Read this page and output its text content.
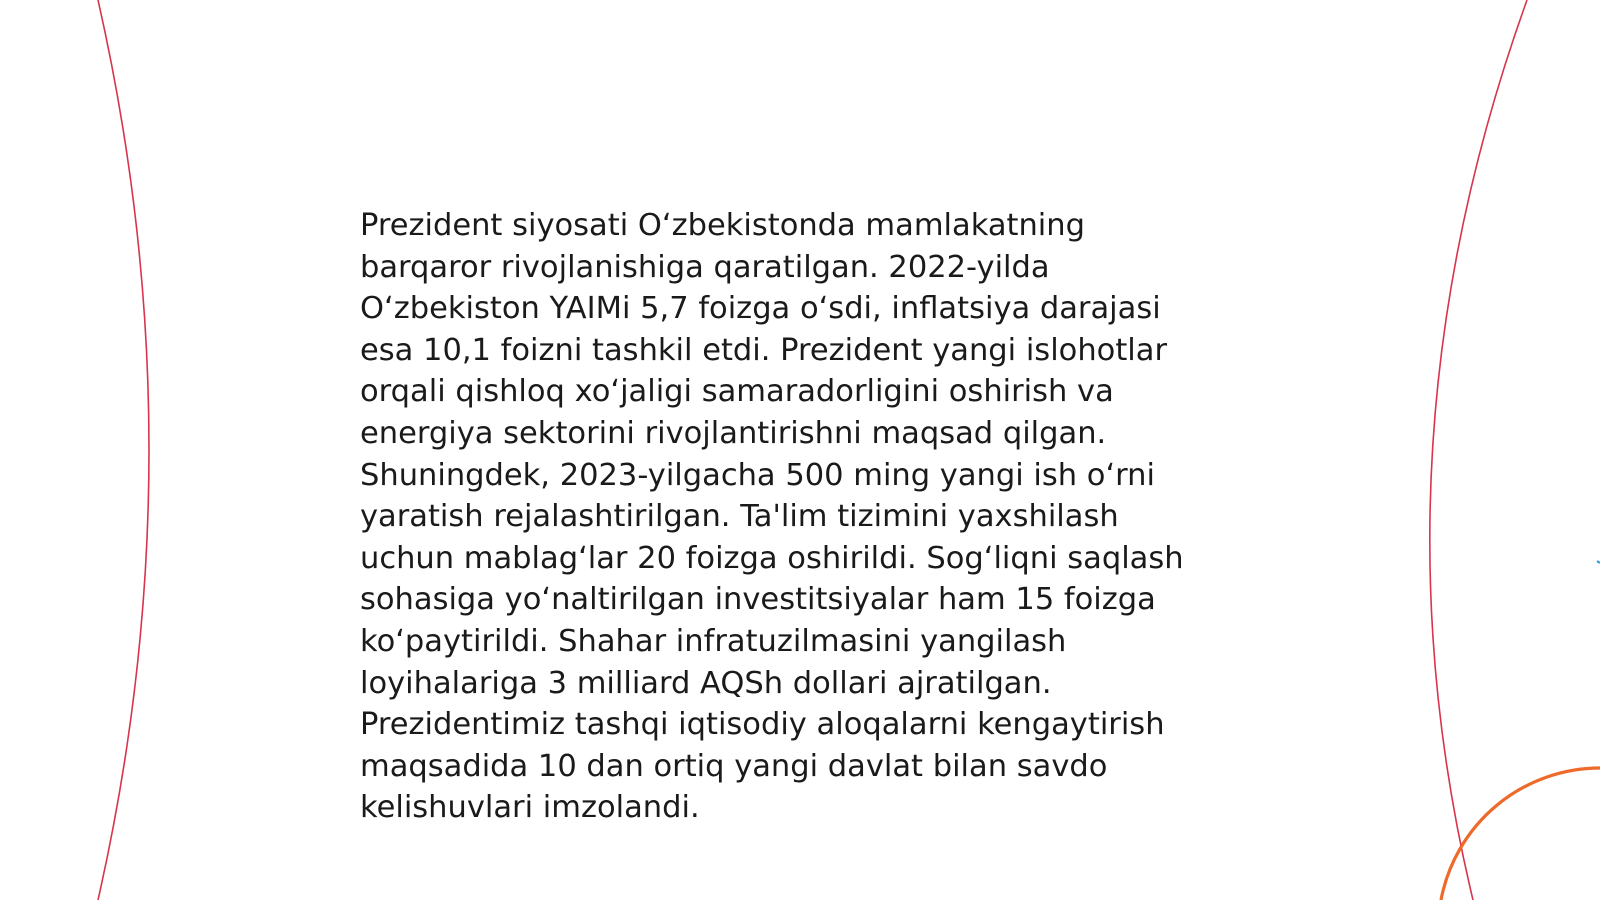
Prezident siyosati O‘zbekistonda mamlakatning
barqaror rivojlanishiga qaratilgan. 2022-yilda
O‘zbekiston YAIMi 5,7 foizga o‘sdi, inflatsiya darajasi
esa 10,1 foizni tashkil etdi. Prezident yangi islohotlar
orqali qishloq xo‘jaligi samaradorligini oshirish va
energiya sektorini rivojlantirishni maqsad qilgan.
Shuningdek, 2023-yilgacha 500 ming yangi ish o‘rni
yaratish rejalashtirilgan. Ta'lim tizimini yaxshilash
uchun mablag‘lar 20 foizga oshirildi. Sog‘liqni saqlash
sohasiga yo‘naltirilgan investitsiyalar ham 15 foizga
ko‘paytirildi. Shahar infratuzilmasini yangilash
loyihalariga 3 milliard AQSh dollari ajratilgan.
Prezidentimiz tashqi iqtisodiy aloqalarni kengaytirish
maqsadida 10 dan ortiq yangi davlat bilan savdo
kelishuvlari imzolandi.
